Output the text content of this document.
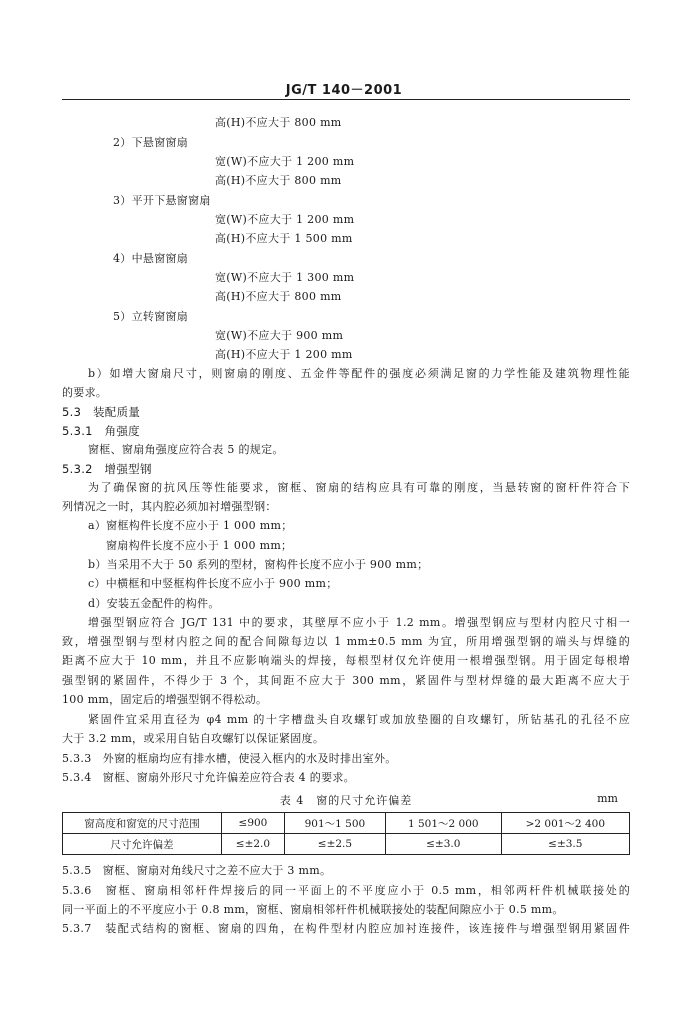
JG/T 140－2001
高(H)不应大于 800 mm
2）下悬窗窗扇
宽(W)不应大于 1 200 mm
高(H)不应大于 800 mm
3）平开下悬窗窗扇
宽(W)不应大于 1 200 mm
高(H)不应大于 1 500 mm
4）中悬窗窗扇
宽(W)不应大于 1 300 mm
高(H)不应大于 800 mm
5）立转窗窗扇
宽(W)不应大于 900 mm
高(H)不应大于 1 200 mm
b）如增大窗扇尺寸，则窗扇的刚度、五金件等配件的强度必须满足窗的力学性能及建筑物理性能
的要求。
5.3　装配质量
5.3.1　角强度
窗框、窗扇角强度应符合表 5 的规定。
5.3.2　增强型钢
为了确保窗的抗风压等性能要求，窗框、窗扇的结构应具有可靠的刚度，当悬转窗的窗杆件符合下
列情况之一时，其内腔必须加衬增强型钢：
a）窗框构件长度不应小于 1 000 mm；
窗扇构件长度不应小于 1 000 mm；
b）当采用不大于 50 系列的型材，窗构件长度不应小于 900 mm；
c）中横框和中竖框构件长度不应小于 900 mm；
d）安装五金配件的构件。
增强型钢应符合 JG/T 131 中的要求，其壁厚不应小于 1.2 mm。增强型钢应与型材内腔尺寸相一
致，增强型钢与型材内腔之间的配合间隙每边以 1 mm±0.5 mm 为宜，所用增强型钢的端头与焊缝的
距离不应大于 10 mm，并且不应影响端头的焊接，每根型材仅允许使用一根增强型钢。用于固定每根增
强型钢的紧固件，不得少于 3 个，其间距不应大于 300 mm，紧固件与型材焊缝的最大距离不应大于
100 mm，固定后的增强型钢不得松动。
紧固件宜采用直径为 φ4 mm 的十字槽盘头自攻螺钉或加放垫圈的自攻螺钉，所钻基孔的孔径不应
大于 3.2 mm，或采用自钻自攻螺钉以保证紧固度。
5.3.3　外窗的框扇均应有排水槽，使浸入框内的水及时排出室外。
5.3.4　窗框、窗扇外形尺寸允许偏差应符合表 4 的要求。
表 4　窗的尺寸允许偏差	mm
窗高度和窗宽的尺寸范围	≤900	901～1 500	1 501～2 000	>2 001～2 400
尺寸允许偏差	≤±2.0	≤±2.5	≤±3.0	≤±3.5
5.3.5　窗框、窗扇对角线尺寸之差不应大于 3 mm。
5.3.6　窗框、窗扇相邻杆件焊接后的同一平面上的不平度应小于 0.5 mm，相邻两杆件机械联接处的
同一平面上的不平度应小于 0.8 mm，窗框、窗扇相邻杆件机械联接处的装配间隙应小于 0.5 mm。
5.3.7　装配式结构的窗框、窗扇的四角，在构件型材内腔应加衬连接件，该连接件与增强型钢用紧固件
